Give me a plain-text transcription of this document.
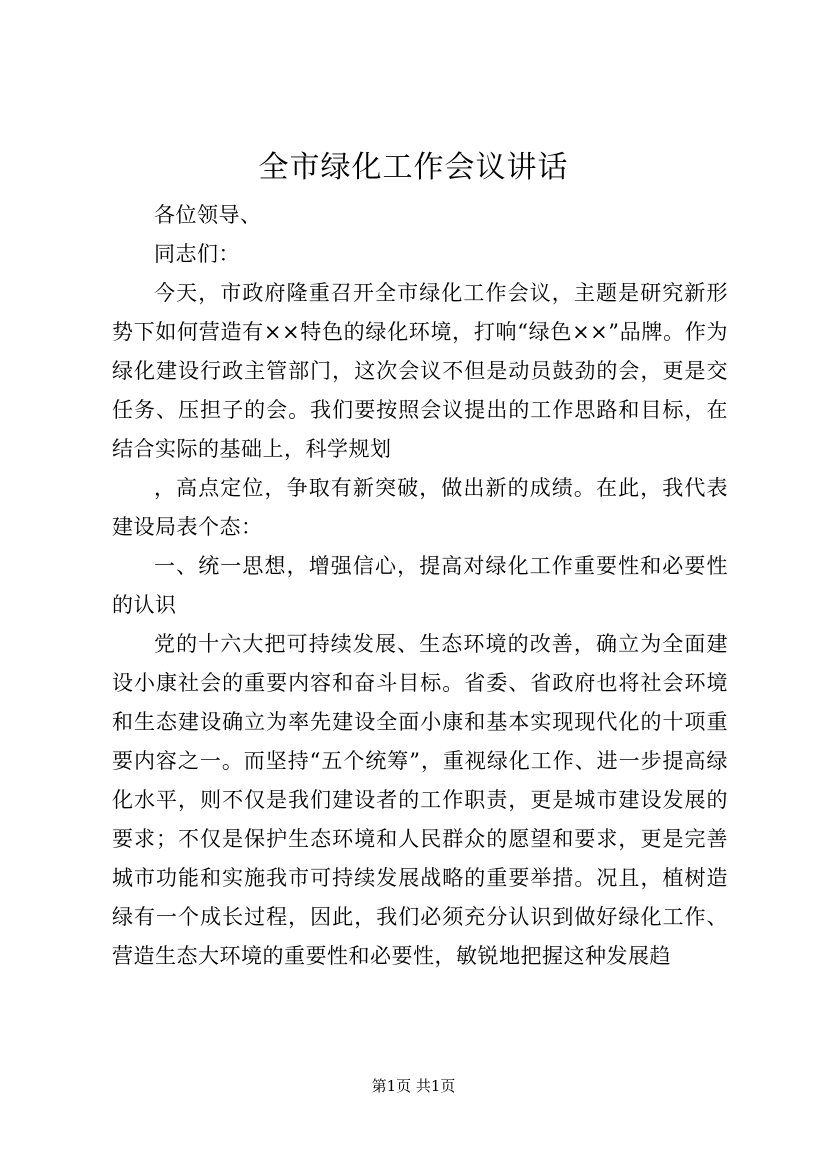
全市绿化工作会议讲话

各位领导、

同志们：

今天，市政府隆重召开全市绿化工作会议，主题是研究新形势下如何营造有××特色的绿化环境，打响“绿色××”品牌。作为绿化建设行政主管部门，这次会议不但是动员鼓劲的会，更是交任务、压担子的会。我们要按照会议提出的工作思路和目标，在结合实际的基础上，科学规划

，高点定位，争取有新突破，做出新的成绩。在此，我代表建设局表个态：

一、统一思想，增强信心，提高对绿化工作重要性和必要性的认识

党的十六大把可持续发展、生态环境的改善，确立为全面建设小康社会的重要内容和奋斗目标。省委、省政府也将社会环境和生态建设确立为率先建设全面小康和基本实现现代化的十项重要内容之一。而坚持“五个统筹”，重视绿化工作、进一步提高绿化水平，则不仅是我们建设者的工作职责，更是城市建设发展的要求；不仅是保护生态环境和人民群众的愿望和要求，更是完善城市功能和实施我市可持续发展战略的重要举措。况且，植树造绿有一个成长过程，因此，我们必须充分认识到做好绿化工作、营造生态大环境的重要性和必要性，敏锐地把握这种发展趋

第1页 共1页
